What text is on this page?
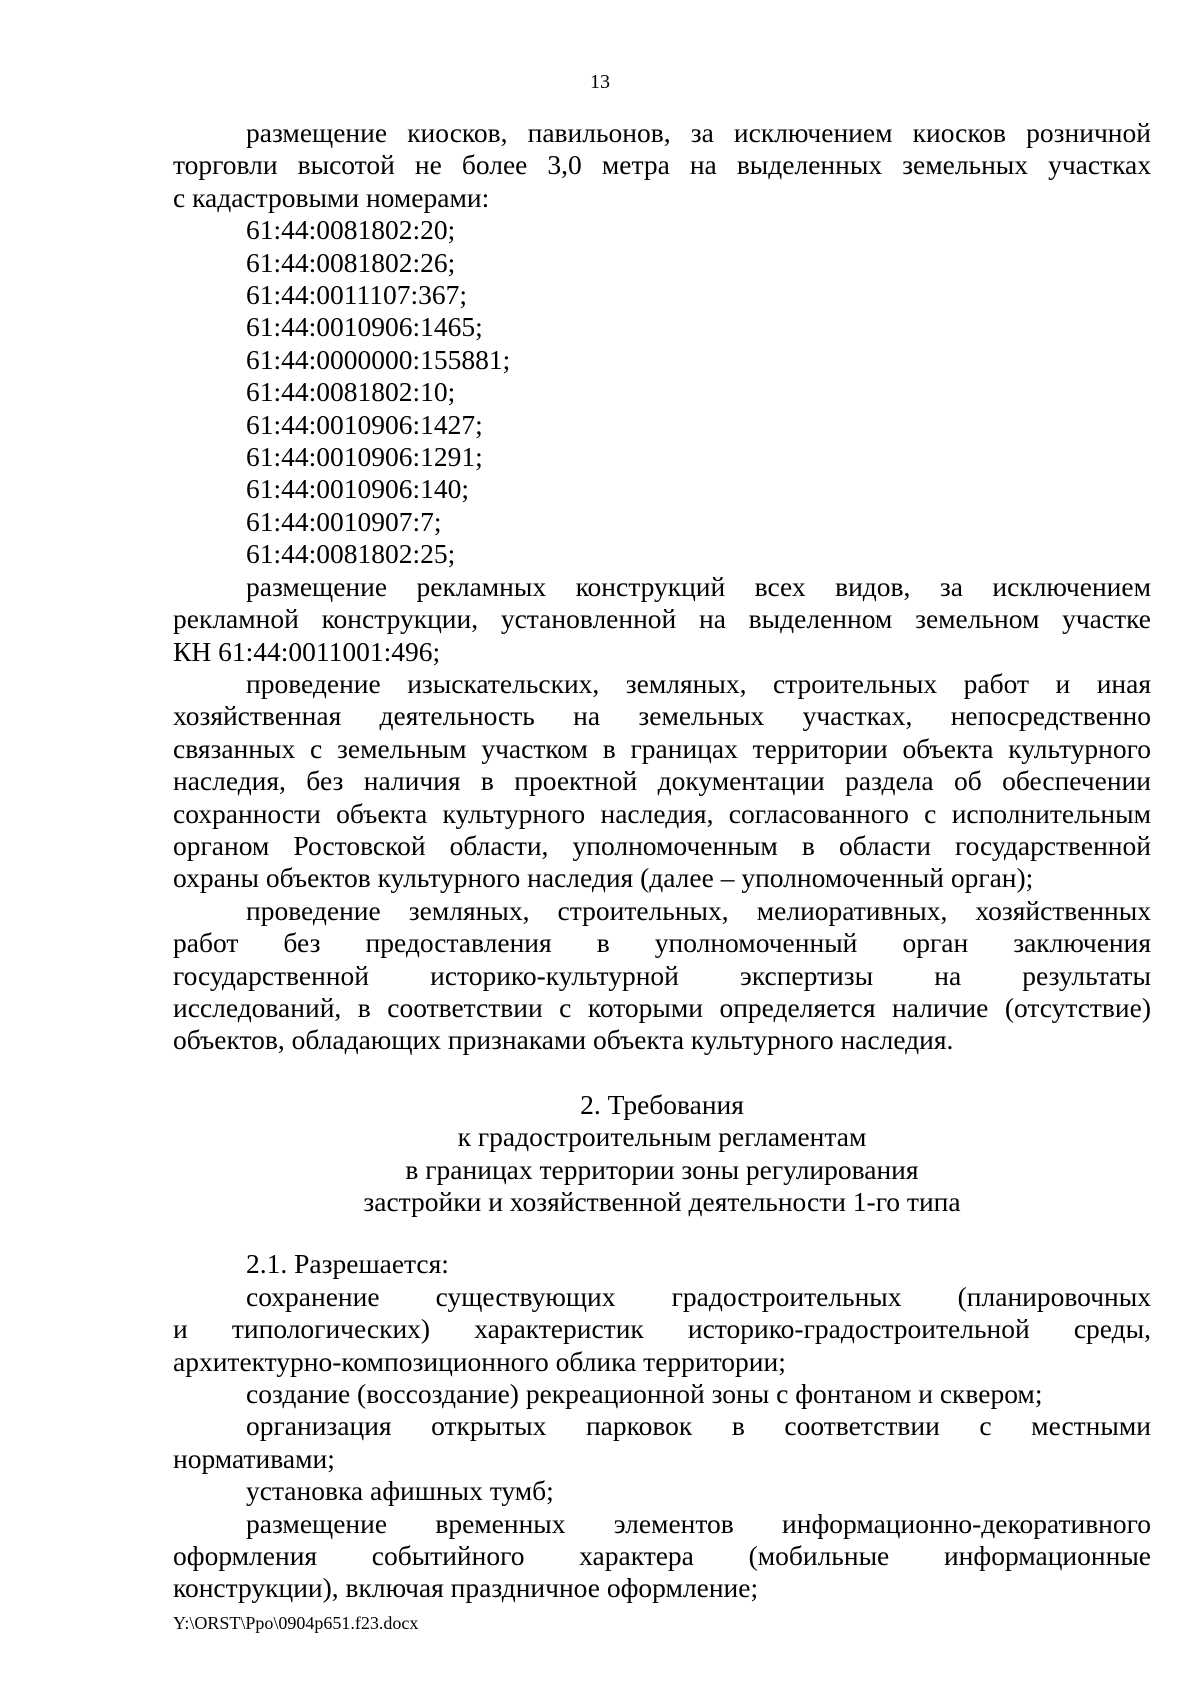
13

размещение киосков, павильонов, за исключением киосков розничной

торговли высотой не более 3,0 метра на выделенных земельных участках

с кадастровыми номерами:

61:44:0081802:20;

61:44:0081802:26;

61:44:0011107:367;

61:44:0010906:1465;

61:44:0000000:155881;

61:44:0081802:10;

61:44:0010906:1427;

61:44:0010906:1291;

61:44:0010906:140;

61:44:0010907:7;

61:44:0081802:25;

размещение рекламных конструкций всех видов, за исключением

рекламной конструкции, установленной на выделенном земельном участке

КН 61:44:0011001:496;

проведение изыскательских, земляных, строительных работ и иная

хозяйственная деятельность на земельных участках, непосредственно

связанных с земельным участком в границах территории объекта культурного

наследия, без наличия в проектной документации раздела об обеспечении

сохранности объекта культурного наследия, согласованного с исполнительным

органом Ростовской области, уполномоченным в области государственной

охраны объектов культурного наследия (далее – уполномоченный орган);

проведение земляных, строительных, мелиоративных, хозяйственных

работ без предоставления в уполномоченный орган заключения

государственной историко-культурной экспертизы на результаты

исследований, в соответствии с которыми определяется наличие (отсутствие)

объектов, обладающих признаками объекта культурного наследия.

2. Требования

к градостроительным регламентам

в границах территории зоны регулирования

застройки и хозяйственной деятельности 1-го типа

2.1. Разрешается:

сохранение существующих градостроительных (планировочных

и типологических) характеристик историко-градостроительной среды,

архитектурно-композиционного облика территории;

создание (воссоздание) рекреационной зоны с фонтаном и сквером;

организация открытых парковок в соответствии с местными

нормативами;

установка афишных тумб;

размещение временных элементов информационно-декоративного

оформления событийного характера (мобильные информационные

конструкции), включая праздничное оформление;

Y:\ORST\Ppo\0904p651.f23.docx
